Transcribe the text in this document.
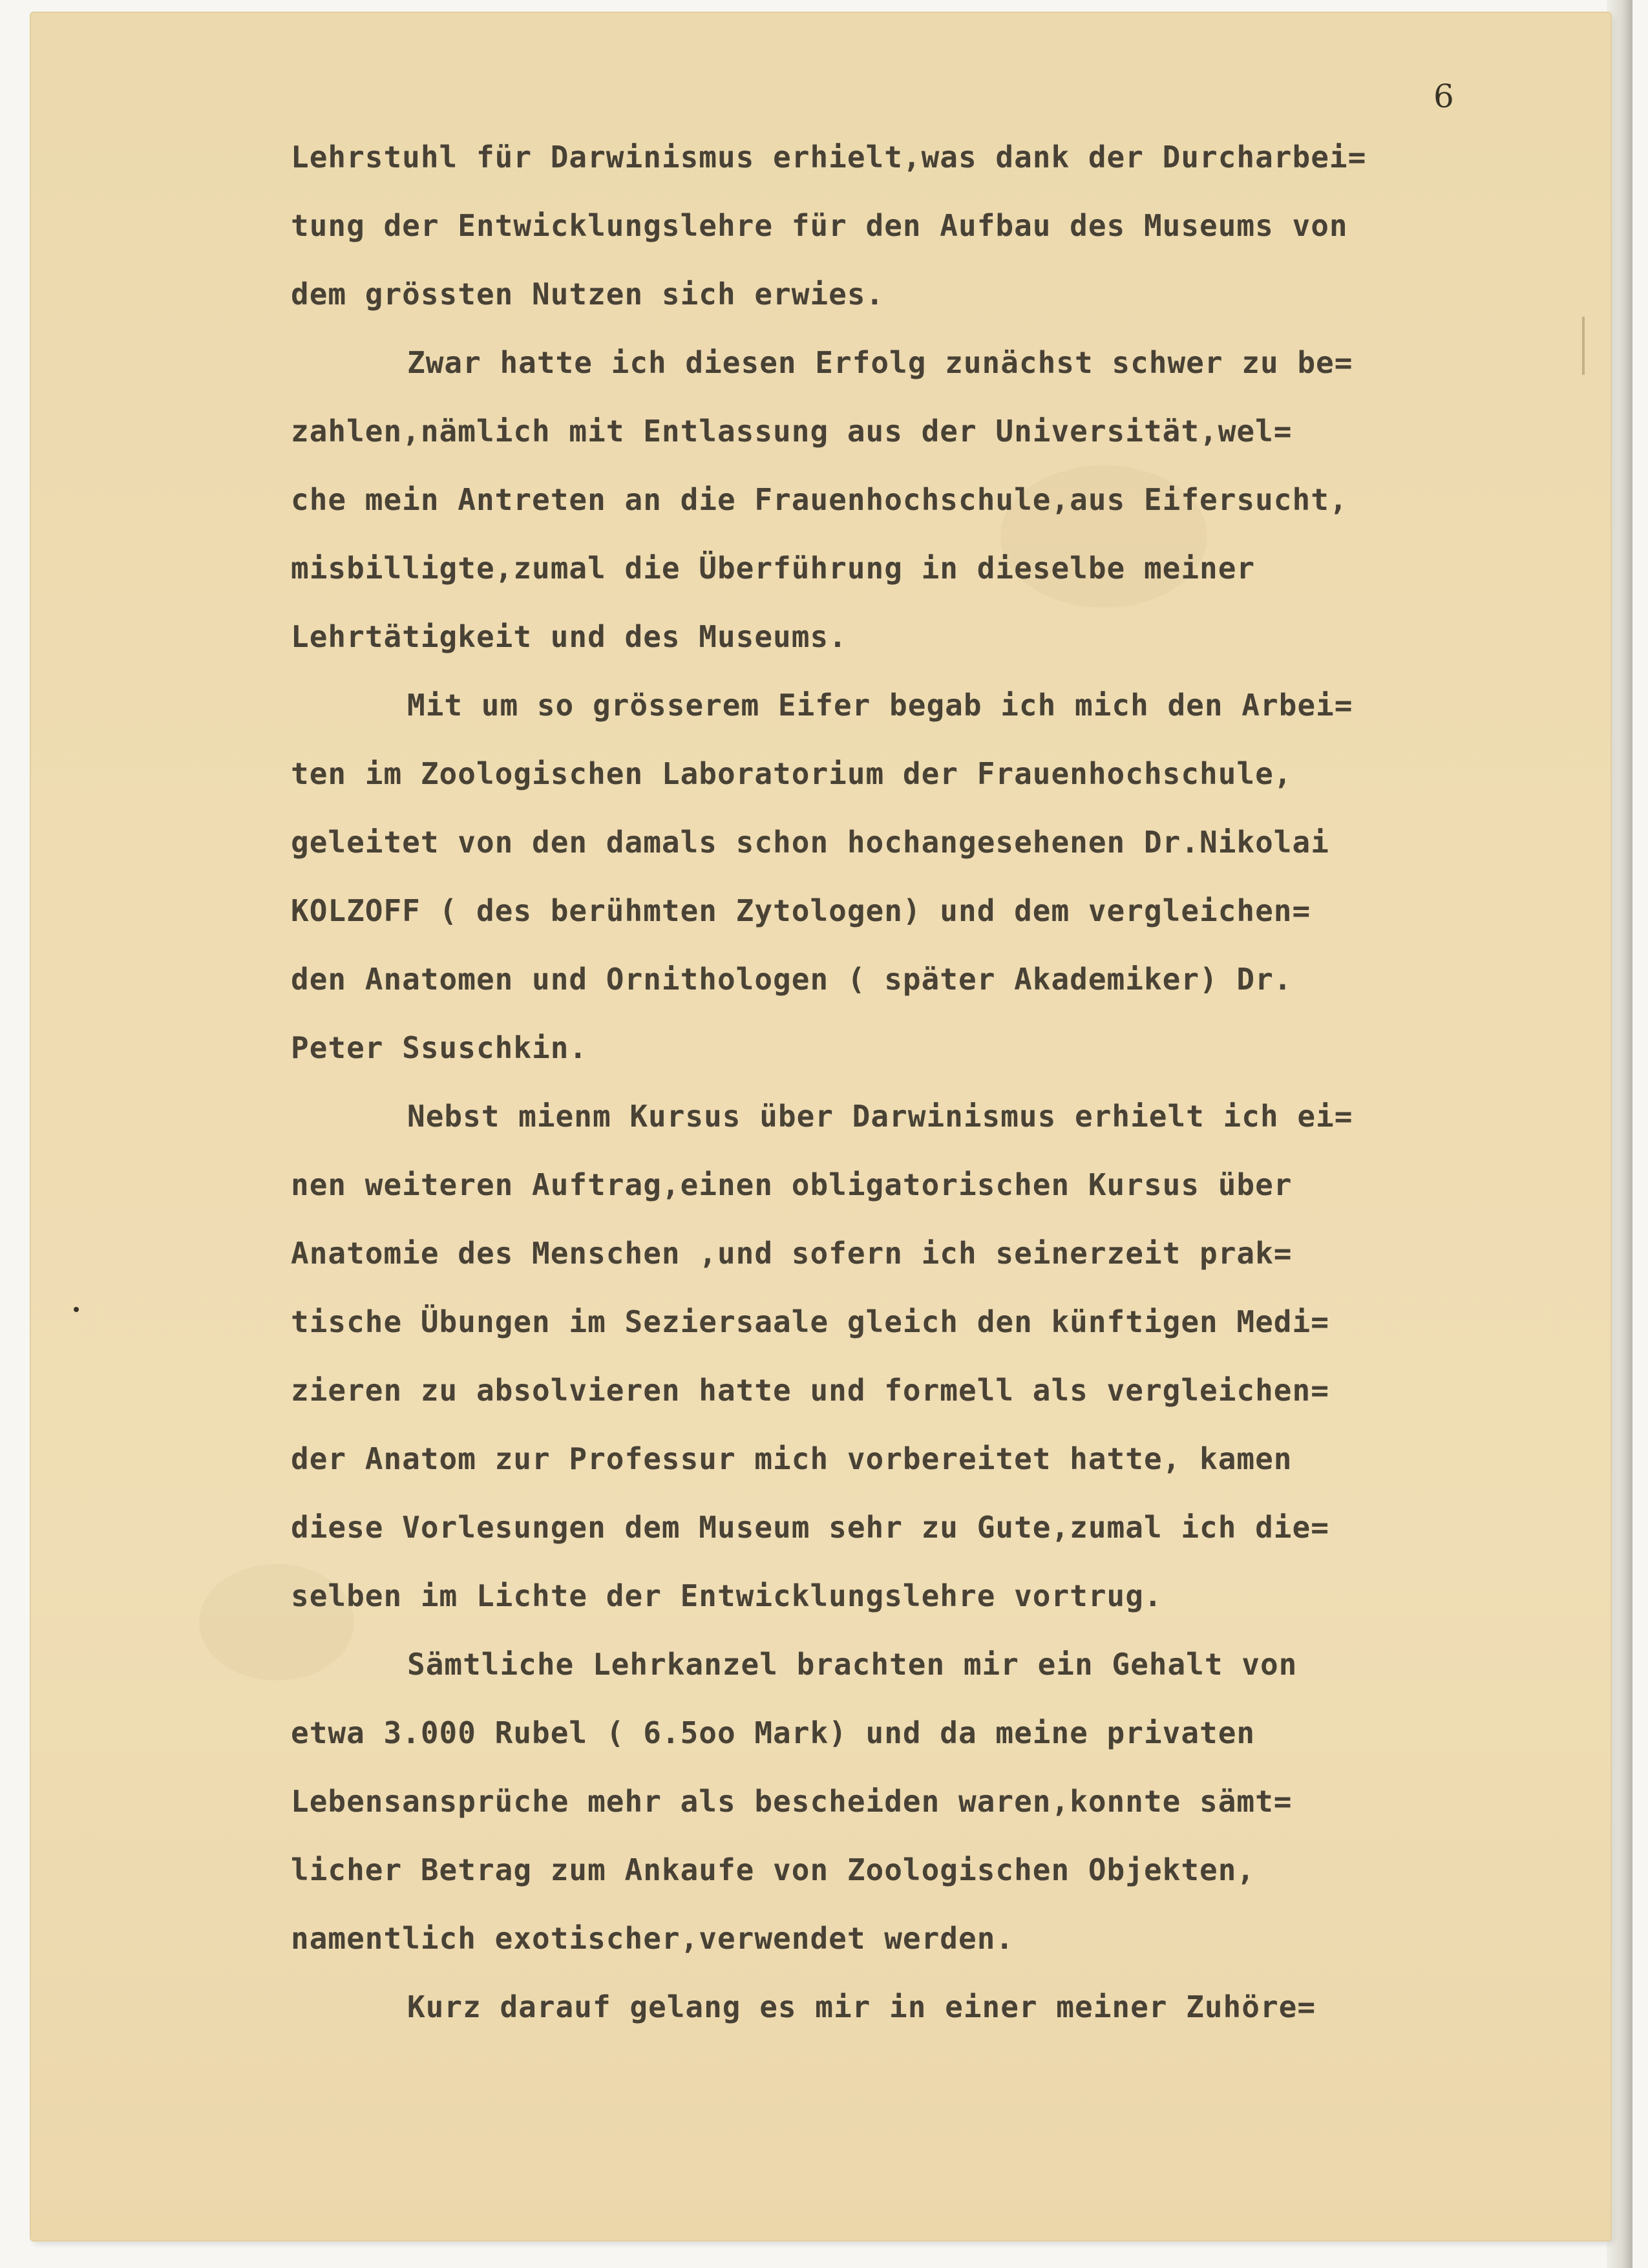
6

Lehrstuhl für Darwinismus erhielt,was dank der Durcharbei=

tung der Entwicklungslehre für den Aufbau des Museums von

dem grössten Nutzen sich erwies.

Zwar hatte ich diesen Erfolg zunächst schwer zu be=

zahlen,nämlich mit Entlassung aus der Universität,wel=

che mein Antreten an die Frauenhochschule,aus Eifersucht,

misbilligte,zumal die Überführung in dieselbe meiner

Lehrtätigkeit und des Museums.

Mit um so grösserem Eifer begab ich mich den Arbei=

ten im Zoologischen Laboratorium der Frauenhochschule,

geleitet von den damals schon hochangesehenen Dr.Nikolai

KOLZOFF ( des berühmten Zytologen) und dem vergleichen=

den Anatomen und Ornithologen ( später Akademiker) Dr.

Peter Ssuschkin.

Nebst mienm Kursus über Darwinismus erhielt ich ei=

nen weiteren Auftrag,einen obligatorischen Kursus über

Anatomie des Menschen ,und sofern ich seinerzeit prak=

tische Übungen im Seziersaale gleich den künftigen Medi=

zieren zu absolvieren hatte und formell als vergleichen=

der Anatom zur Professur mich vorbereitet hatte, kamen

diese Vorlesungen dem Museum sehr zu Gute,zumal ich die=

selben im Lichte der Entwicklungslehre vortrug.

Sämtliche Lehrkanzel brachten mir ein Gehalt von

etwa 3.000 Rubel ( 6.5oo Mark) und da meine privaten

Lebensansprüche mehr als bescheiden waren,konnte sämt=

licher Betrag zum Ankaufe von Zoologischen Objekten,

namentlich exotischer,verwendet werden.

Kurz darauf gelang es mir in einer meiner Zuhöre=
